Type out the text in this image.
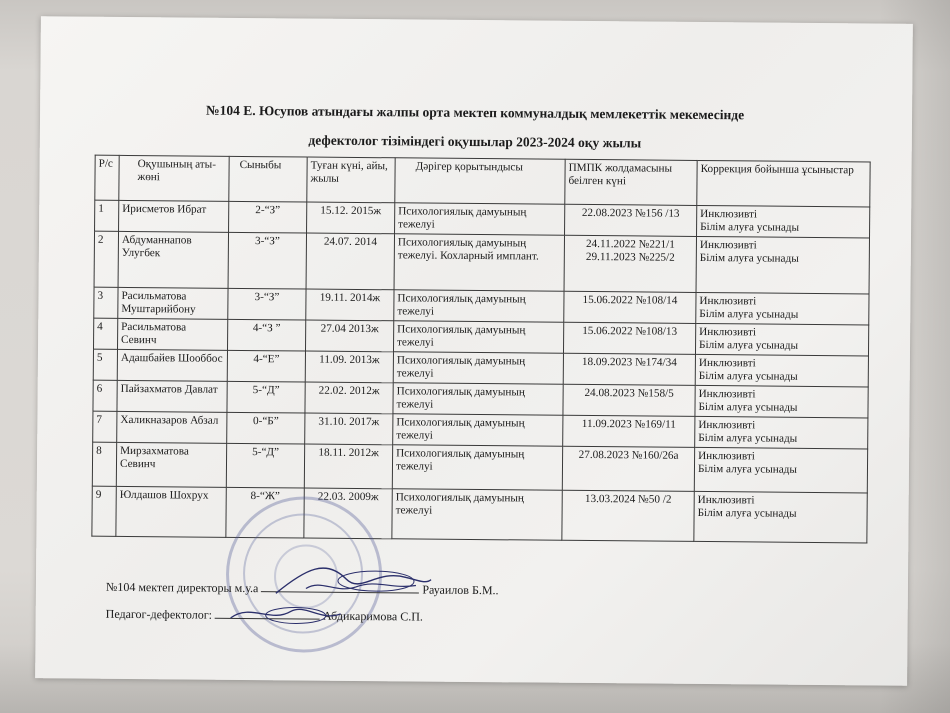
№104 Е. Юсупов атындағы жалпы орта мектеп коммуналдық мемлекеттік мекемесінде

дефектолог тізіміндегі оқушылар 2023-2024 оқу жылы

Р/с	Оқушының аты-жөні	Сыныбы	Туған күні, айы, жылы	Дәрігер қорытындысы	ПМПК жолдамасыны беілген күні	Коррекция бойынша ұсыныстар
1	Ирисметов Ибрат	2-“З”	15.12. 2015ж	Психологиялық дамуының тежелуі	22.08.2023 №156 /13	Инклюзивті
Білім алуға усынады

2	Абдуманнапов Улугбек	3-“З”	24.07. 2014	Психологиялық дамуының тежелуі. Кохларный имплант.	24.11.2022 №221/1 29.11.2023 №225/2	Инклюзивті
Білім алуға усынады

3	Расильматова Муштарийбону	3-“З”	19.11. 2014ж	Психологиялық дамуының тежелуі	15.06.2022 №108/14	Инклюзивті
Білім алуға усынады

4	Расильматова Севинч	4-“З ”	27.04 2013ж	Психологиялық дамуының тежелуі	15.06.2022 №108/13	Инклюзивті
Білім алуға усынады

5	Адашбайев Шооббос	4-“Е”	11.09. 2013ж	Психологиялық дамуының тежелуі	18.09.2023 №174/34	Инклюзивті
Білім алуға усынады

6	Пайзахматов Давлат	5-“Д”	22.02. 2012ж	Психологиялық дамуының тежелуі	24.08.2023 №158/5	Инклюзивті
Білім алуға усынады

7	Халикназаров Абзал	0-“Б”	31.10. 2017ж	Психологиялық дамуының тежелуі	11.09.2023 №169/11	Инклюзивті
Білім алуға усынады

8	Мирзахматова Севинч	5-“Д”	18.11. 2012ж	Психологиялық дамуының тежелуі	27.08.2023 №160/26а	Инклюзивті
Білім алуға усынады

9	Юлдашов Шохрух	8-“Ж”	22.03. 2009ж	Психологиялық дамуының тежелуі	13.03.2024 №50 /2	Инклюзивті
Білім алуға усынады
№104 мектеп директоры м.у.а	Рауаилов Б.М..
Педагог-дефектолог:	Абдикаримова С.П.
